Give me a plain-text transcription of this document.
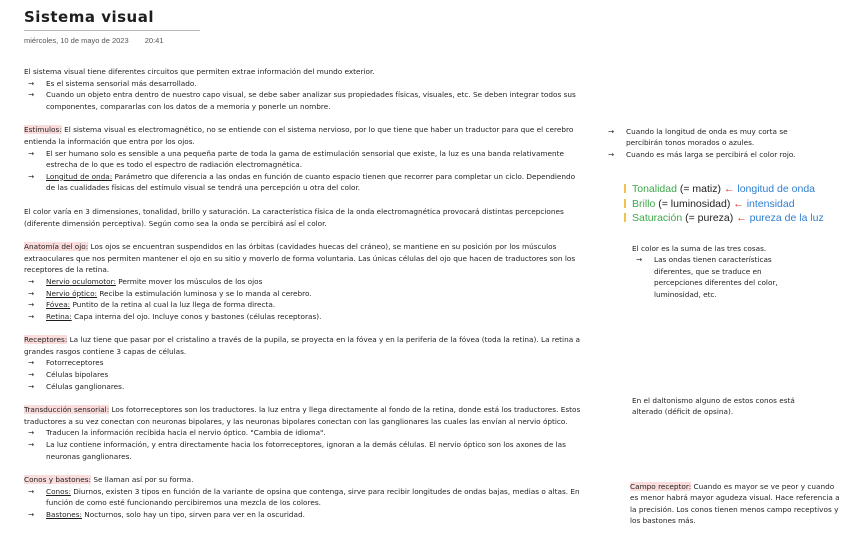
Sistema visual
miércoles, 10 de mayo de 2023 20:41

El sistema visual tiene diferentes circuitos que permiten extrae información del mundo exterior.

→ Es el sistema sensorial más desarrollado.

→ Cuando un objeto entra dentro de nuestro capo visual, se debe saber analizar sus propiedades físicas, visuales, etc. Se deben integrar todos sus componentes, compararlas con los datos de a memoria y ponerle un nombre.

Estímulos: El sistema visual es electromagnético, no se entiende con el sistema nervioso, por lo que tiene que haber un traductor para que el cerebro entienda la información que entra por los ojos.

→ El ser humano solo es sensible a una pequeña parte de toda la gama de estimulación sensorial que existe, la luz es una banda relativamente estrecha de lo que es todo el espectro de radiación electromagnética.

→ Longitud de onda: Parámetro que diferencia a las ondas en función de cuanto espacio tienen que recorrer para completar un ciclo. Dependiendo de las cualidades físicas del estímulo visual se tendrá una percepción u otra del color.

El color varía en 3 dimensiones, tonalidad, brillo y saturación. La característica física de la onda electromagnética provocará distintas percepciones (diferente dimensión perceptiva). Según como sea la onda se percibirá así el color.

Anatomía del ojo: Los ojos se encuentran suspendidos en las órbitas (cavidades huecas del cráneo), se mantiene en su posición por los músculos extraoculares que nos permiten mantener el ojo en su sitio y moverlo de forma voluntaria. Las únicas células del ojo que hacen de traductores son los receptores de la retina.

→ Nervio oculomotor: Permite mover los músculos de los ojos

→ Nervio óptico: Recibe la estimulación luminosa y se lo manda al cerebro.

→ Fóvea: Puntito de la retina al cual la luz llega de forma directa.

→ Retina: Capa interna del ojo. Incluye conos y bastones (células receptoras).

Receptores: La luz tiene que pasar por el cristalino a través de la pupila, se proyecta en la fóvea y en la periferia de la fóvea (toda la retina). La retina a grandes rasgos contiene 3 capas de células.

→ Fotorreceptores

→ Células bipolares

→ Células ganglionares.

Transducción sensorial: Los fotorreceptores son los traductores. la luz entra y llega directamente al fondo de la retina, donde está los traductores. Estos traductores a su vez conectan con neuronas bipolares, y las neuronas bipolares conectan con las ganglionares las cuales las envían al nervio óptico.

→ Traducen la información recibida hacia el nervio óptico. "Cambia de idioma".

→ La luz contiene información, y entra directamente hacia los fotorreceptores, ignoran a la demás células. El nervio óptico son los axones de las neuronas ganglionares.

Conos y bastones: Se llaman así por su forma.

→ Conos: Diurnos, existen 3 tipos en función de la variante de opsina que contenga, sirve para recibir longitudes de ondas bajas, medias o altas. En función de como esté funcionando percibiremos una mezcla de los colores.

→ Bastones: Nocturnos, solo hay un tipo, sirven para ver en la oscuridad.

→ Cuando la longitud de onda es muy corta se percibirán tonos morados o azules.

→ Cuando es más larga se percibirá el color rojo.

Tonalidad (= matiz) ← longitud de onda
Brillo (= luminosidad) ← intensidad
Saturación (= pureza) ← pureza de la luz

El color es la suma de las tres cosas.

→ Las ondas tienen características diferentes, que se traduce en percepciones diferentes del color, luminosidad, etc.

En el daltonismo alguno de estos conos está alterado (déficit de opsina).

Campo receptor: Cuando es mayor se ve peor y cuando es menor habrá mayor agudeza visual. Hace referencia a la precisión. Los conos tienen menos campo receptivos y los bastones más.
